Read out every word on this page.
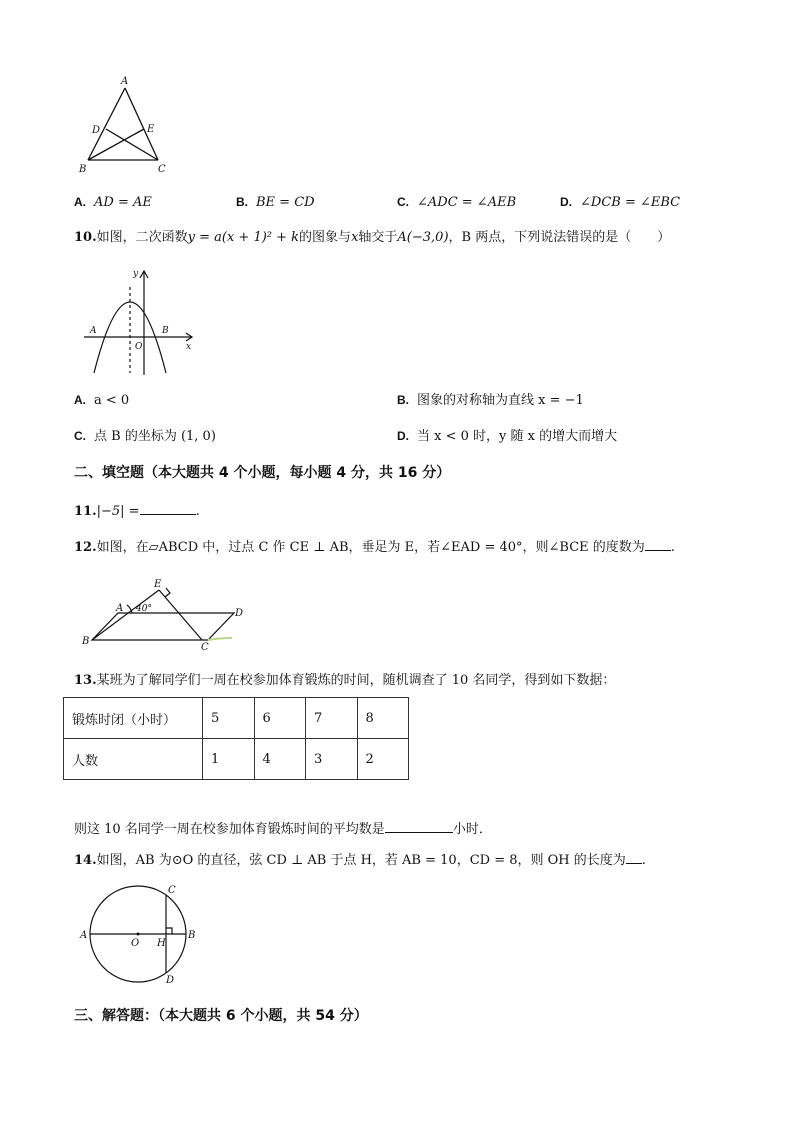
A
D	E
B	C
A. AD = AE	B. BE = CD	C. ∠ADC = ∠AEB	D. ∠DCB = ∠EBC
10.如图，二次函数y = a(x + 1)² + k的图象与x轴交于A(−3,0)，B 两点，下列说法错误的是（　　）
y
x
A	B
O
A. a < 0	B. 图象的对称轴为直线 x = −1
C. 点 B 的坐标为 (1, 0)	D. 当 x < 0 时，y 随 x 的增大而增大
二、填空题（本大题共 4 个小题，每小题 4 分，共 16 分）
11.|−5| =	.
12.如图，在▱ABCD 中，过点 C 作 CE ⊥ AB，垂足为 E，若∠EAD = 40°，则∠BCE 的度数为 .
E
A	D
B
C
40°
13.某班为了解同学们一周在校参加体育锻炼的时间，随机调查了 10 名同学，得到如下数据：
锻炼时闭（小时）	5	6	7	8
人数	1	4	3	2
则这 10 名同学一周在校参加体育锻炼时间的平均数是	小时．
14.如图，AB 为⊙O 的直径，弦 CD ⊥ AB 于点 H，若 AB = 10，CD = 8，则 OH 的长度为 .
A	B
C
D
O H
三、解答题：（本大题共 6 个小题，共 54 分）
